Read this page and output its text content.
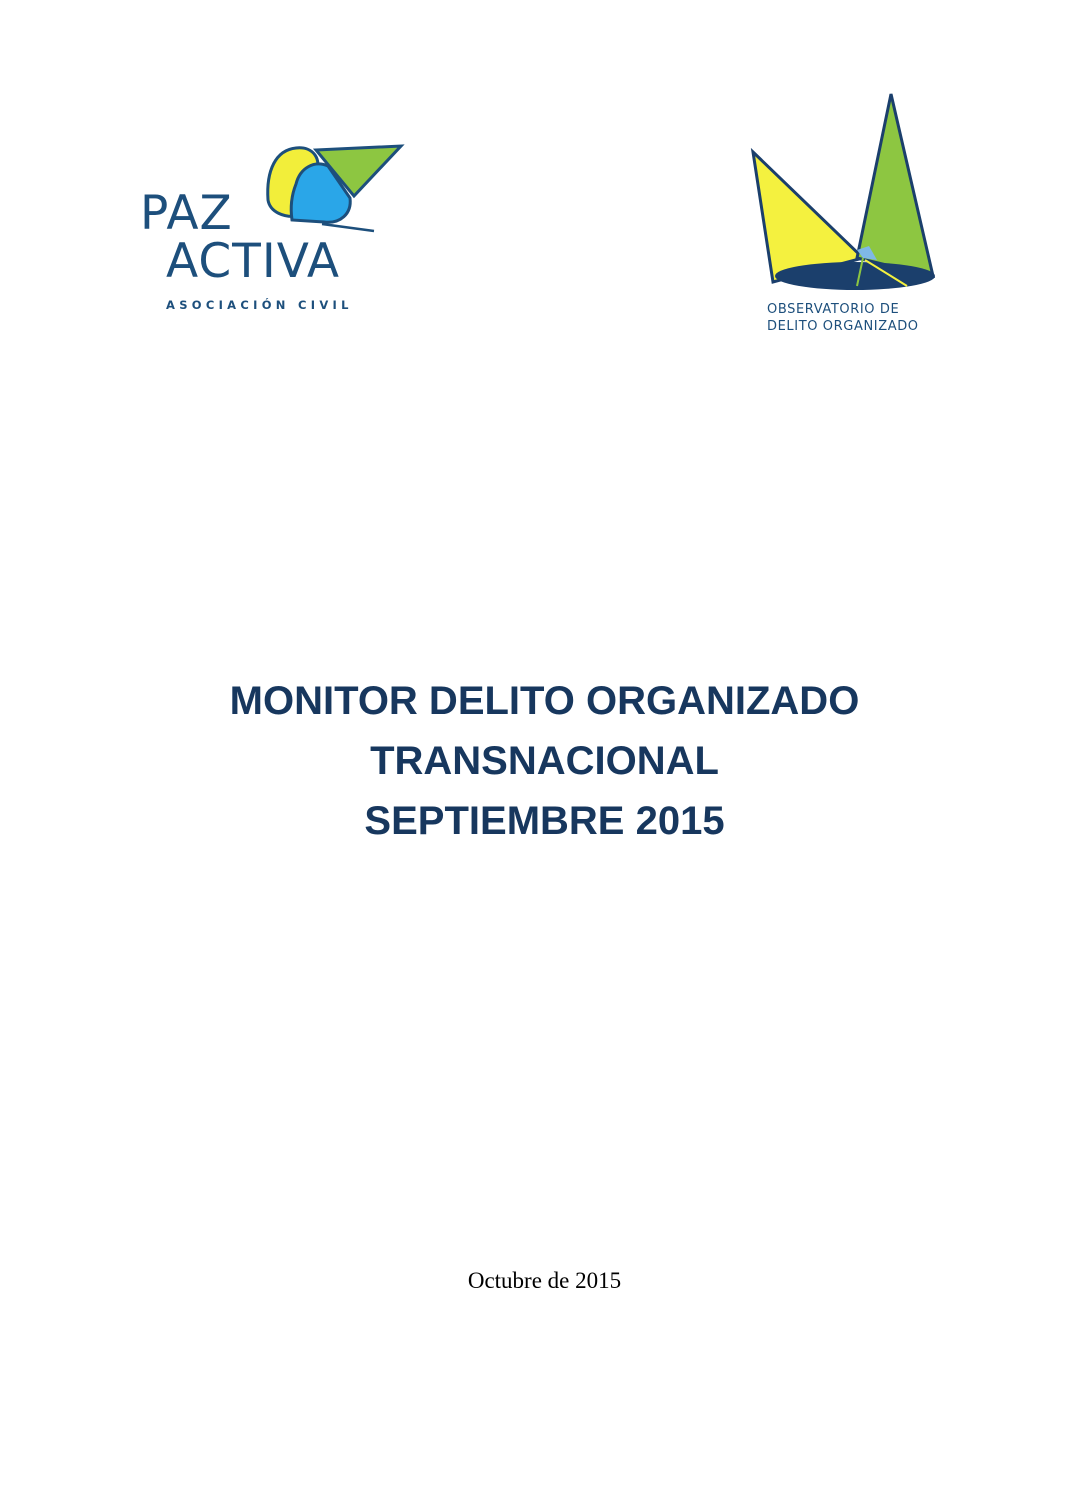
PAZ
ACTIVA
ASOCIACIÓN CIVIL	OBSERVATORIO DE
DELITO ORGANIZADO
MONITOR DELITO ORGANIZADO
TRANSNACIONAL
SEPTIEMBRE 2015
Octubre de 2015
